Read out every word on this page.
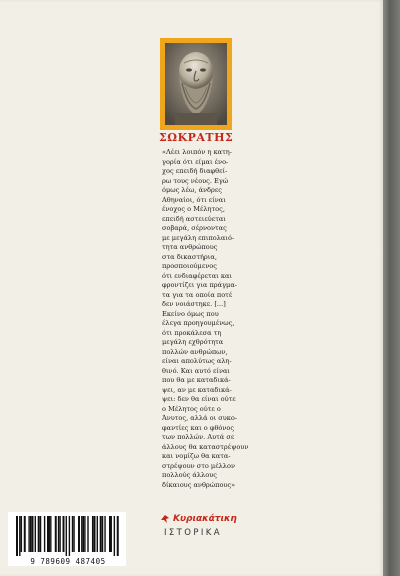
ΣΩΚΡΑΤΗΣ
«Λέει λοιπόν η κατη-
γορία ότι είμαι ένο-
χος επειδή διαφθεί-
ρω τους νέους. Εγώ
όμως λέω, άνδρες
Αθηναίοι, ότι είναι
ένοχος ο Μέλητος,
επειδή αστειεύεται
σοβαρά, σέρνοντας
με μεγάλη επιπολαιό-
τητα ανθρώπους
στα δικαστήρια,
προσποιούμενος
ότι ενδιαφέρεται και
φροντίζει για πράγμα-
τα για τα οποία ποτέ
δεν νοιάστηκε. [...]
Εκείνο όμως που
έλεγα προηγουμένως,
ότι προκάλεσα τη
μεγάλη εχθρότητα
πολλών ανθρώπων,
είναι απολύτως αλη-
θινό. Και αυτό είναι
που θα με καταδικά-
ψει, αν με καταδικά-
ψει: δεν θα είναι ούτε
ο Μέλητος ούτε ο
Άνυτος, αλλά οι συκο-
φαντίες και ο φθόνος
των πολλών. Αυτά σε
άλλους θα καταστρέψουν
και νομίζω θα κατα-
στρέψουν στο μέλλον
πολλούς άλλους
δίκαιους ανθρώπους»
9 789609 487405
Κυριακάτικη
ΙΣΤΟΡΙΚΑ
